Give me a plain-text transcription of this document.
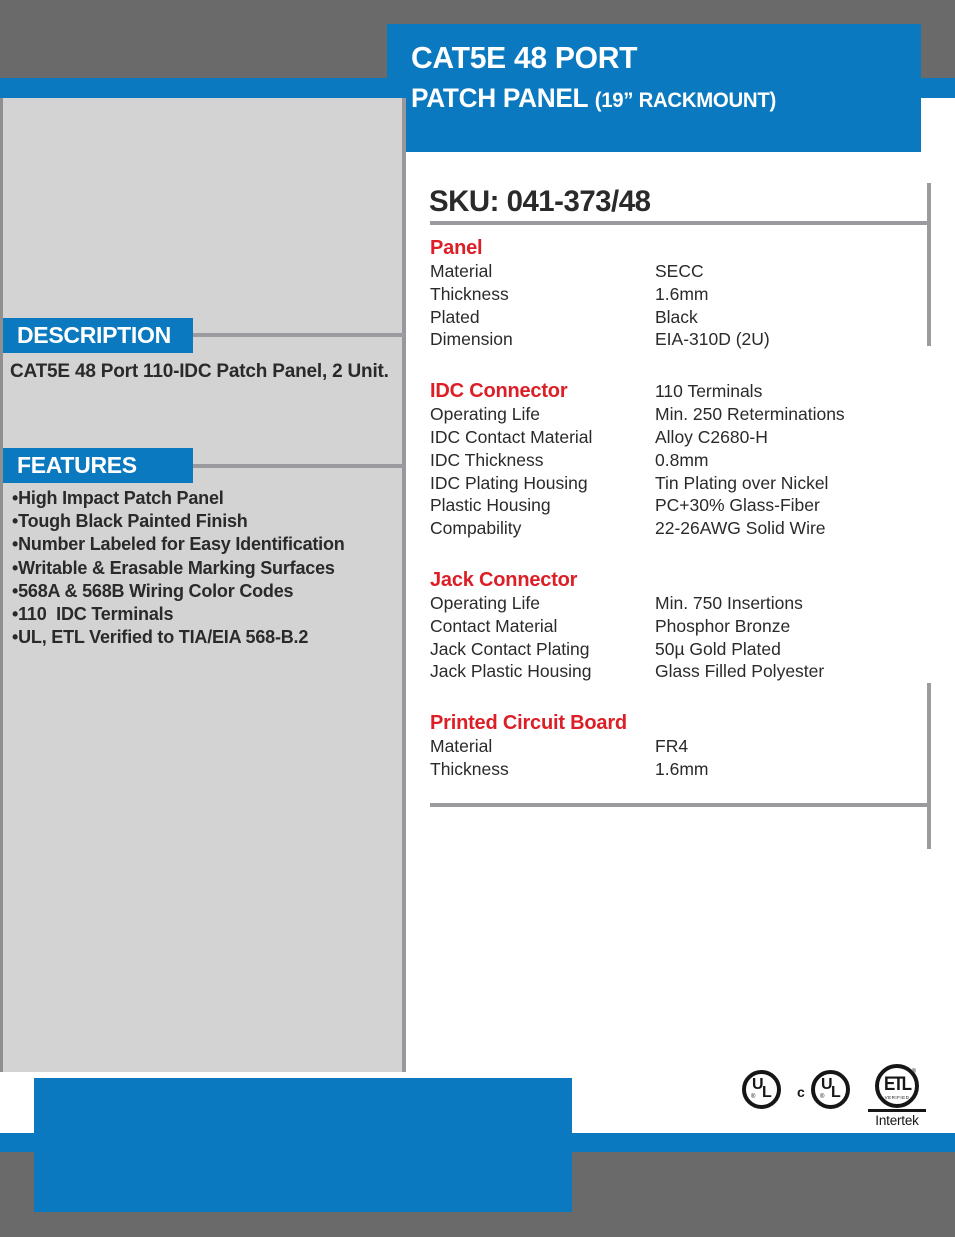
CAT5E 48 PORT
PATCH PANEL (19” RACKMOUNT)
DESCRIPTION
CAT5E 48 Port 110-IDC Patch Panel, 2 Unit.
FEATURES
• High Impact Patch Panel
• Tough Black Painted Finish
• Number Labeled for Easy Identification
• Writable & Erasable Marking Surfaces
• 568A & 568B Wiring Color Codes
• 110  IDC Terminals
• UL, ETL Verified to TIA/EIA 568-B.2
SKU: 041-373/48
Panel
Material	SECC
Thickness	1.6mm
Plated	Black
Dimension	EIA-310D (2U)
IDC Connector	110 Terminals
Operating Life	Min. 250 Reterminations
IDC Contact Material	Alloy C2680-H
IDC Thickness	0.8mm
IDC Plating Housing	Tin Plating over Nickel
Plastic Housing	PC+30% Glass-Fiber
Compability	22-26AWG Solid Wire
Jack Connector
Operating Life	Min. 750 Insertions
Contact Material	Phosphor Bronze
Jack Contact Plating	50µ Gold Plated
Jack Plastic Housing	Glass Filled Polyester
Printed Circuit Board
Material	FR4
Thickness	1.6mm
U
L
®	c U
L
®
ETL
VERIFIED
®
Intertek
